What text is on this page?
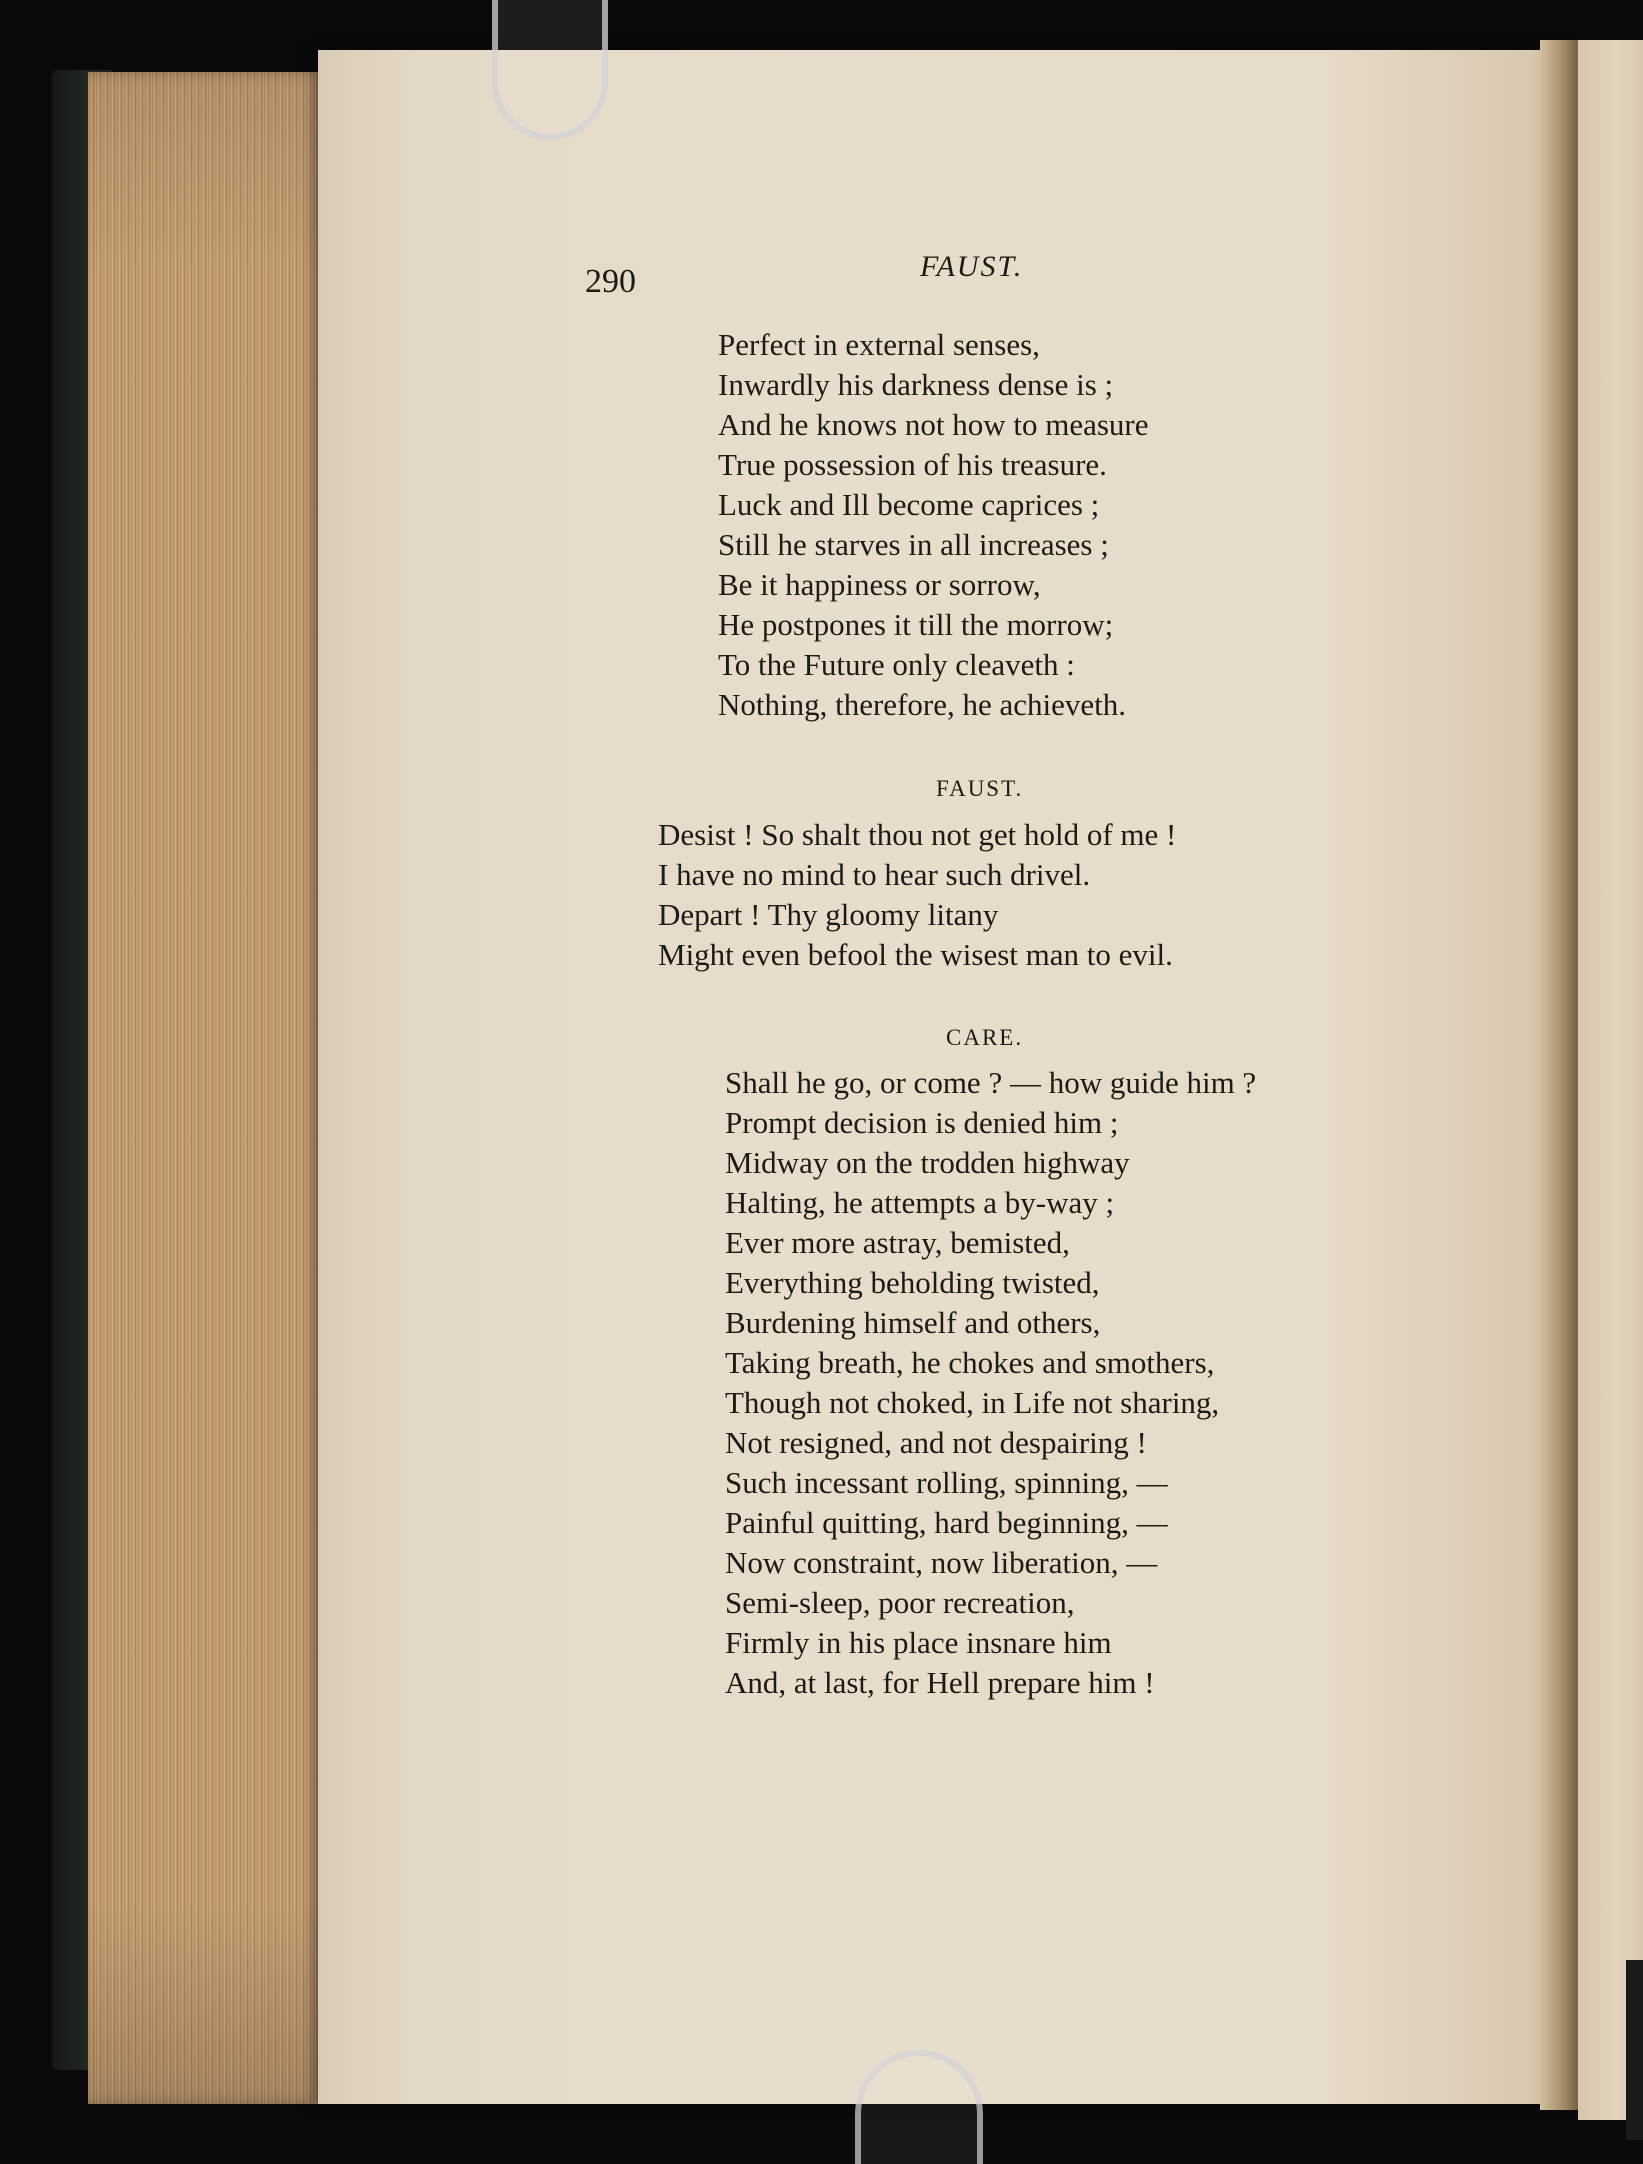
290	FAUST.
Perfect in external senses,
Inwardly his darkness dense is ;
And he knows not how to measure
True possession of his treasure.
Luck and Ill become caprices ;
Still he starves in all increases ;
Be it happiness or sorrow,
He postpones it till the morrow;
To the Future only cleaveth :
Nothing, therefore, he achieveth.
FAUST.
Desist ! So shalt thou not get hold of me !
I have no mind to hear such drivel.
Depart ! Thy gloomy litany
Might even befool the wisest man to evil.
CARE.
Shall he go, or come ? — how guide him ?
Prompt decision is denied him ;
Midway on the trodden highway
Halting, he attempts a by-way ;
Ever more astray, bemisted,
Everything beholding twisted,
Burdening himself and others,
Taking breath, he chokes and smothers,
Though not choked, in Life not sharing,
Not resigned, and not despairing !
Such incessant rolling, spinning, —
Painful quitting, hard beginning, —
Now constraint, now liberation, —
Semi-sleep, poor recreation,
Firmly in his place insnare him
And, at last, for Hell prepare him !
